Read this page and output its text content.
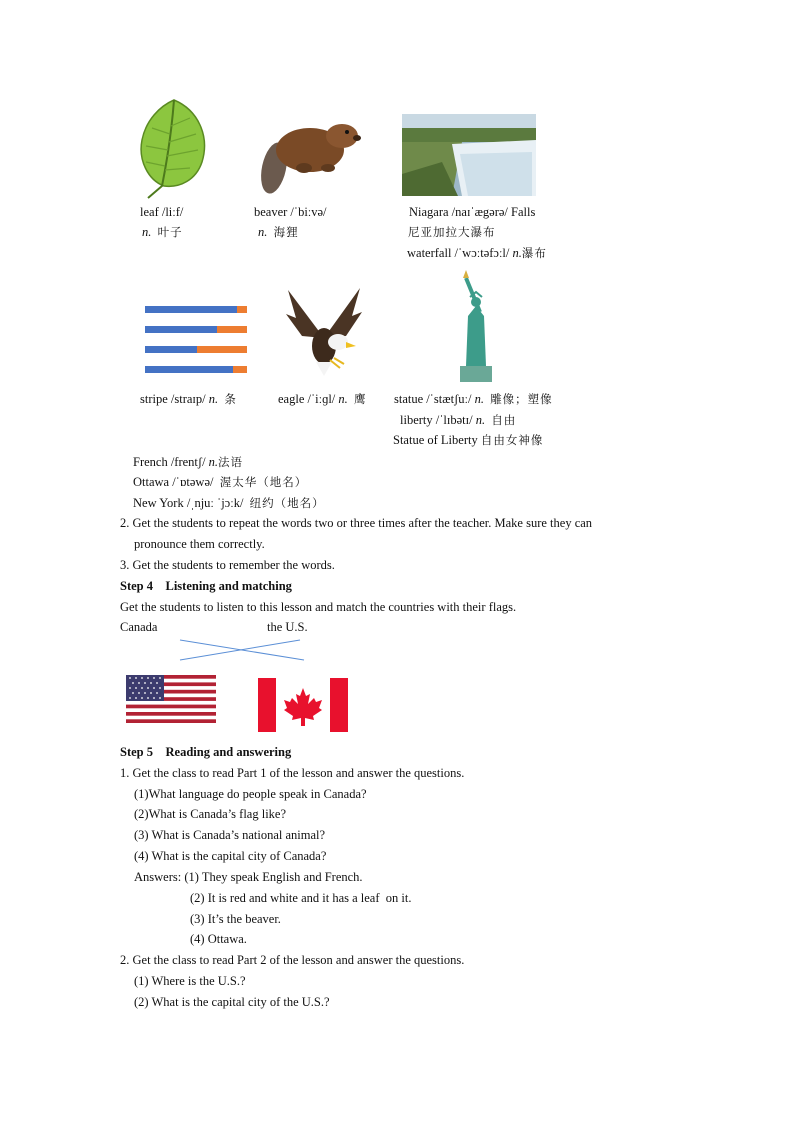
leaf /liːf/
n. 叶子
beaver /ˈbiːvə/
n. 海狸
Niagara /naɪˈægərə/ Falls
尼亚加拉大瀑布
waterfall /ˈwɔːtəfɔːl/ n.瀑布
stripe /straɪp/ n. 条	eagle /ˈiːɡl/ n. 鹰 statue /ˈstætʃuː/ n. 雕像；塑像
liberty /ˈlɪbətɪ/ n. 自由
Statue of Liberty 自由女神像
French /frentʃ/ n.法语
Ottawa /ˈɒtəwə/ 渥太华（地名）
New York /ˌnjuː ˈjɔːk/ 纽约（地名）
2. Get the students to repeat the words two or three times after the teacher. Make sure they can
pronounce them correctly.
3. Get the students to remember the words.
Step 4    Listening and matching
Get the students to listen to this lesson and match the countries with their flags.
Canada	the U.S.
Step 5    Reading and answering
1. Get the class to read Part 1 of the lesson and answer the questions.
(1)What language do people speak in Canada?
(2)What is Canada’s flag like?
(3) What is Canada’s national animal?
(4) What is the capital city of Canada?
Answers: (1) They speak English and French.
(2) It is red and white and it has a leaf  on it.
(3) It’s the beaver.
(4) Ottawa.
2. Get the class to read Part 2 of the lesson and answer the questions.
(1) Where is the U.S.?
(2) What is the capital city of the U.S.?
